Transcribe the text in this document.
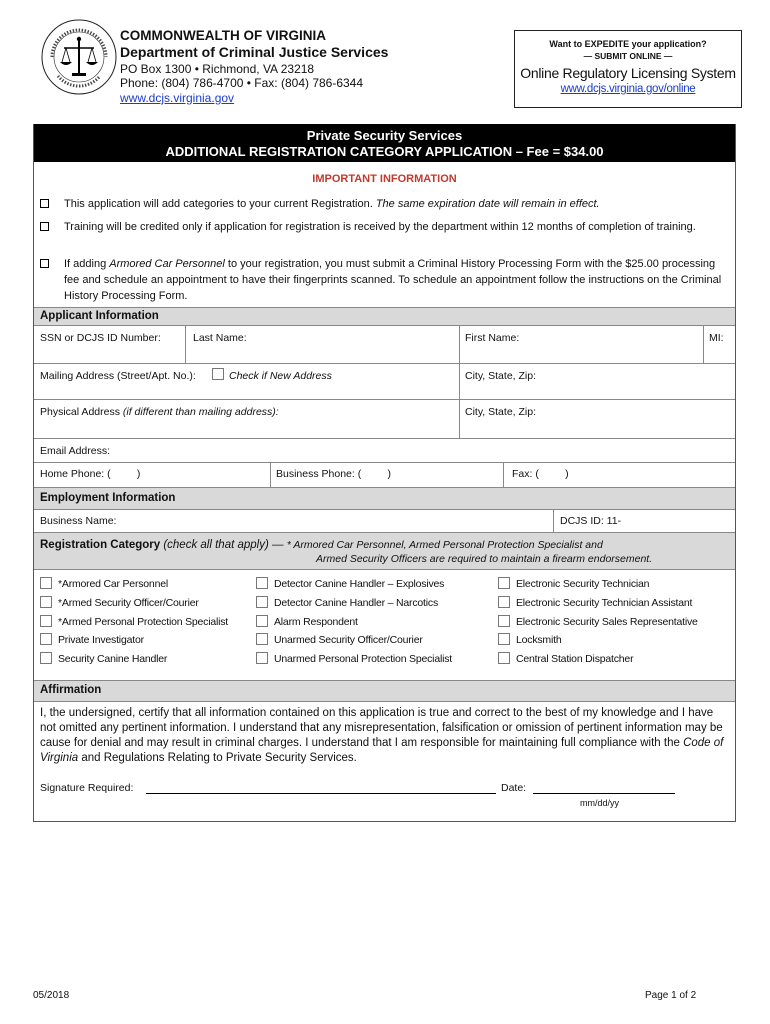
COMMONWEALTH OF VIRGINIA
Department of Criminal Justice Services
PO Box 1300 • Richmond, VA 23218
Phone: (804) 786-4700 • Fax: (804) 786-6344
www.dcjs.virginia.gov
Want to EXPEDITE your application?
— SUBMIT ONLINE —
Online Regulatory Licensing System
www.dcjs.virginia.gov/online
Private Security Services
ADDITIONAL REGISTRATION CATEGORY APPLICATION – Fee = $34.00
IMPORTANT INFORMATION
This application will add categories to your current Registration. The same expiration date will remain in effect.
Training will be credited only if application for registration is received by the department within 12 months of completion of training.
If adding Armored Car Personnel to your registration, you must submit a Criminal History Processing Form with the $25.00 processing fee and schedule an appointment to have their fingerprints scanned. To schedule an appointment follow the instructions on the Criminal History Processing Form.
Applicant Information
SSN or DCJS ID Number:	Last Name:	First Name:	MI:
Mailing Address (Street/Apt. No.):	Check if New Address	City, State, Zip:
Physical Address (if different than mailing address):	City, State, Zip:
Email Address:
Home Phone: (         )	Business Phone: (         )	Fax: (         )
Employment Information
Business Name:	DCJS ID: 11-
Registration Category (check all that apply) — * Armored Car Personnel, Armed Personal Protection Specialist and
Armed Security Officers are required to maintain a firearm endorsement.
*Armored Car Personnel
*Armed Security Officer/Courier
*Armed Personal Protection Specialist
Private Investigator
Security Canine Handler
Detector Canine Handler – Explosives
Detector Canine Handler – Narcotics
Alarm Respondent
Unarmed Security Officer/Courier
Unarmed Personal Protection Specialist
Electronic Security Technician
Electronic Security Technician Assistant
Electronic Security Sales Representative
Locksmith
Central Station Dispatcher
Affirmation
I, the undersigned, certify that all information contained on this application is true and correct to the best of my knowledge and I have not omitted any pertinent information. I understand that any misrepresentation, falsification or omission of pertinent information may be cause for denial and may result in criminal charges. I understand that I am responsible for maintaining full compliance with the Code of Virginia and Regulations Relating to Private Security Services.
Signature Required:	Date:
mm/dd/yy
05/2018	Page 1 of 2
